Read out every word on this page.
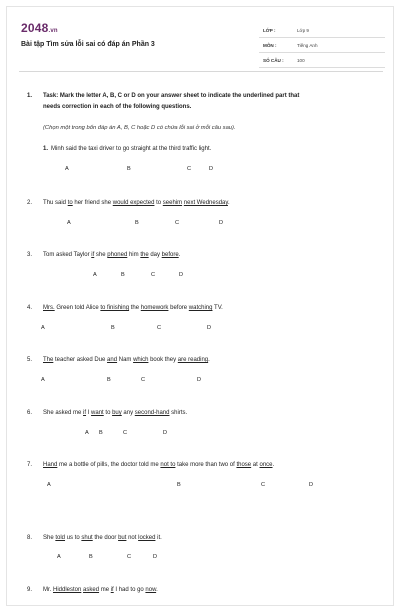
2048.vn
Bài tập Tìm sửa lỗi sai có đáp án Phần 3
LỚP :	Lớp 9
MÔN :	Tiếng Anh
SỐ CÂU :	100
1. Task: Mark the letter A, B, C or D on your answer sheet to indicate the underlined part that
needs correction in each of the following questions.
(Chọn một trong bốn đáp án A, B, C hoặc D có chứa lỗi sai ở mỗi câu sau).
1. Minh said the taxi driver to go straight at the third traffic light.
A	B	C	D
2. Thu said to her friend she would expected to seehim next Wednesday.
A	B	C	D
3. Tom asked Taylor if she phoned him the day before.
A	B	C	D
4. Mrs. Green told Alice to finishing the homework before watching TV.
A	B	C	D
5. The teacher asked Due and Nam which book they are reading.
A	B	C	D
6. She asked me if I want to buy any second-hand shirts.
A B	C	D
7. Hand me a bottle of pills, the doctor told me not to take more than two of those at once.
A	B	C	D
8. She told us to shut the door but not locked it.
A	B	C	D
9. Mr. Hiddleston asked me if I had to go now.
